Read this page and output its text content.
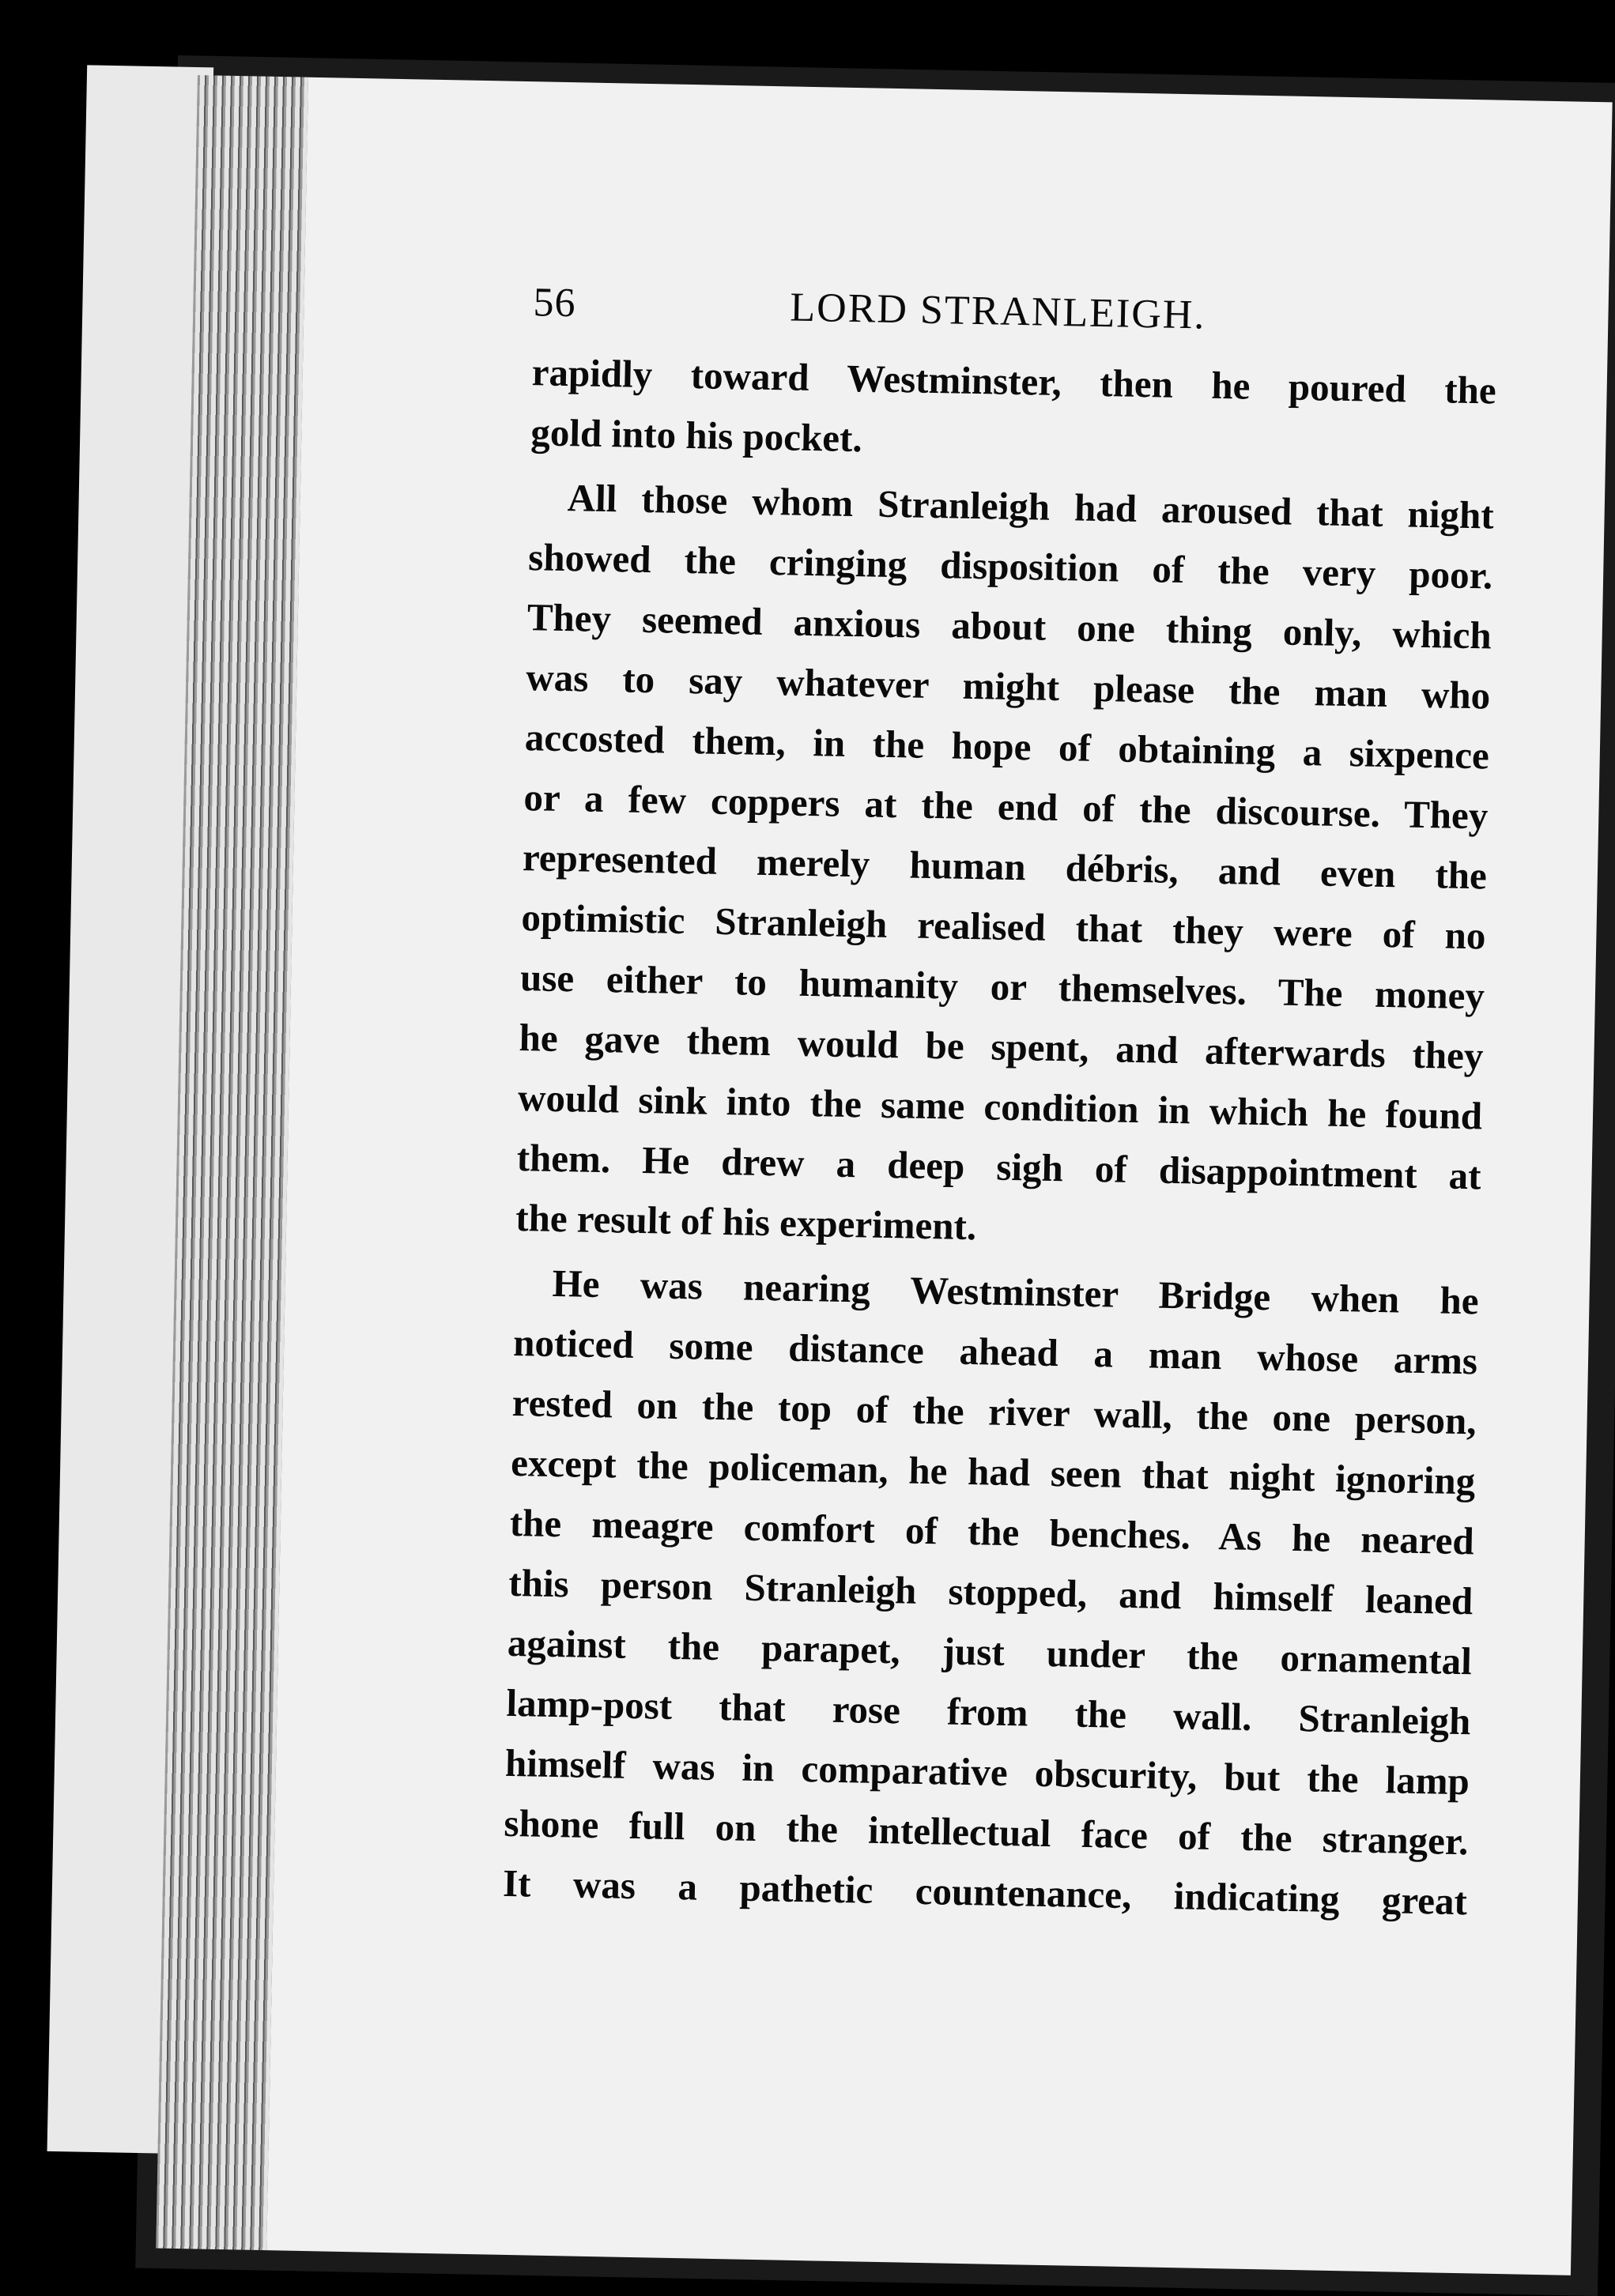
56	LORD STRANLEIGH.
rapidly toward Westminster, then he poured the
gold into his pocket.
All those whom Stranleigh had aroused that night
showed the cringing disposition of the very poor.
They seemed anxious about one thing only, which
was to say whatever might please the man who
accosted them, in the hope of obtaining a sixpence
or a few coppers at the end of the discourse. They
represented merely human débris, and even the
optimistic Stranleigh realised that they were of no
use either to humanity or themselves. The money
he gave them would be spent, and afterwards they
would sink into the same condition in which he found
them. He drew a deep sigh of disappointment at
the result of his experiment.
He was nearing Westminster Bridge when he
noticed some distance ahead a man whose arms
rested on the top of the river wall, the one person,
except the policeman, he had seen that night ignoring
the meagre comfort of the benches. As he neared
this person Stranleigh stopped, and himself leaned
against the parapet, just under the ornamental
lamp-post that rose from the wall. Stranleigh
himself was in comparative obscurity, but the lamp
shone full on the intellectual face of the stranger.
It was a pathetic countenance, indicating great
